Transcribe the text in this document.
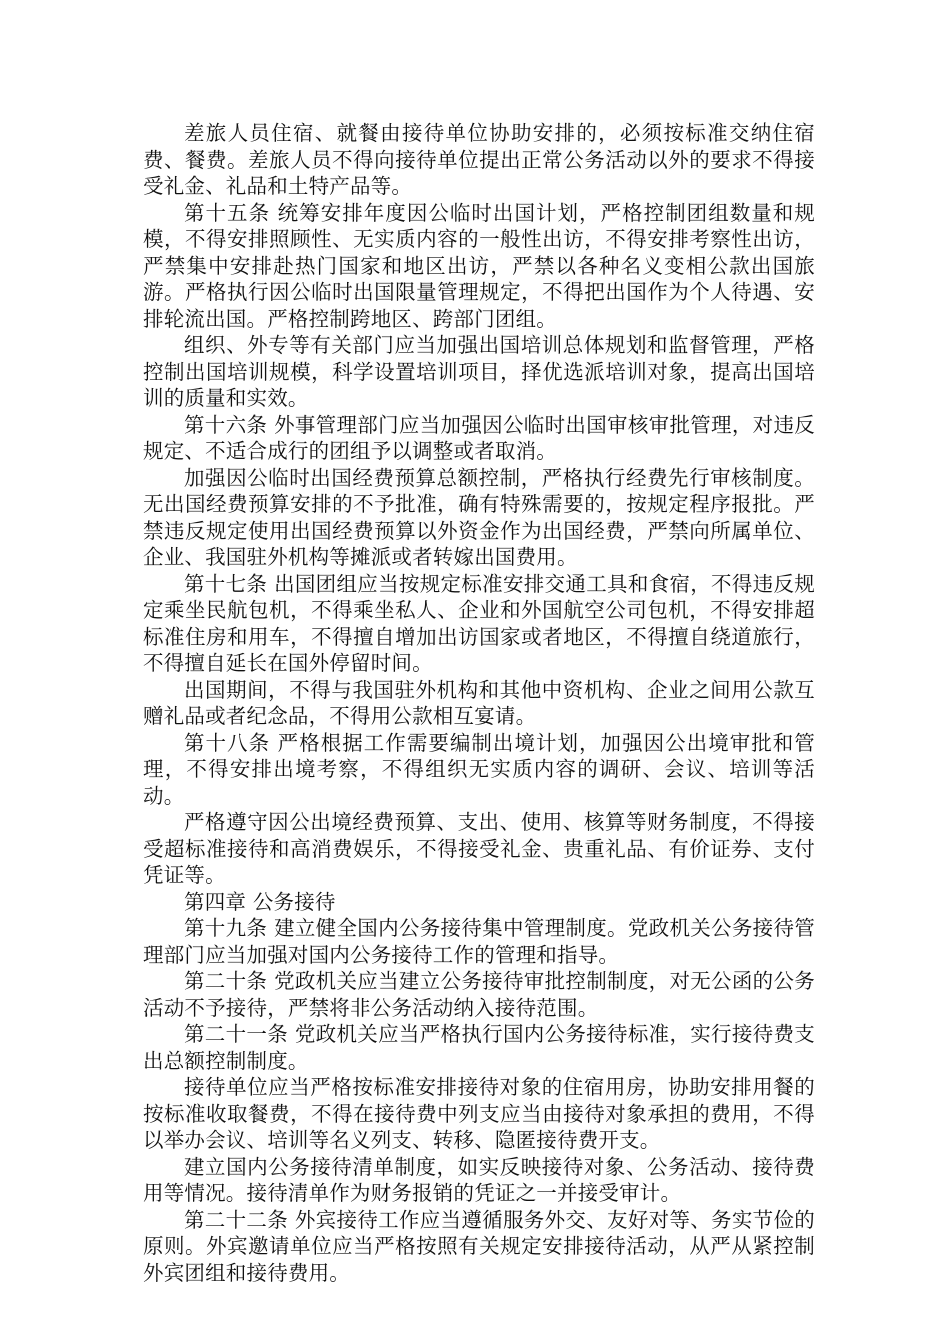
差旅人员住宿、就餐由接待单位协助安排的，必须按标准交纳住宿费、餐费。差旅人员不得向接待单位提出正常公务活动以外的要求不得接受礼金、礼品和土特产品等。

第十五条 统筹安排年度因公临时出国计划，严格控制团组数量和规模，不得安排照顾性、无实质内容的一般性出访，不得安排考察性出访，严禁集中安排赴热门国家和地区出访，严禁以各种名义变相公款出国旅游。严格执行因公临时出国限量管理规定，不得把出国作为个人待遇、安排轮流出国。严格控制跨地区、跨部门团组。

组织、外专等有关部门应当加强出国培训总体规划和监督管理，严格控制出国培训规模，科学设置培训项目，择优选派培训对象，提高出国培训的质量和实效。

第十六条 外事管理部门应当加强因公临时出国审核审批管理，对违反规定、不适合成行的团组予以调整或者取消。

加强因公临时出国经费预算总额控制，严格执行经费先行审核制度。无出国经费预算安排的不予批准，确有特殊需要的，按规定程序报批。严禁违反规定使用出国经费预算以外资金作为出国经费，严禁向所属单位、企业、我国驻外机构等摊派或者转嫁出国费用。

第十七条 出国团组应当按规定标准安排交通工具和食宿，不得违反规定乘坐民航包机，不得乘坐私人、企业和外国航空公司包机，不得安排超标准住房和用车，不得擅自增加出访国家或者地区，不得擅自绕道旅行，不得擅自延长在国外停留时间。

出国期间，不得与我国驻外机构和其他中资机构、企业之间用公款互赠礼品或者纪念品，不得用公款相互宴请。

第十八条 严格根据工作需要编制出境计划，加强因公出境审批和管理，不得安排出境考察，不得组织无实质内容的调研、会议、培训等活动。

严格遵守因公出境经费预算、支出、使用、核算等财务制度，不得接受超标准接待和高消费娱乐，不得接受礼金、贵重礼品、有价证券、支付凭证等。

第四章 公务接待

第十九条 建立健全国内公务接待集中管理制度。党政机关公务接待管理部门应当加强对国内公务接待工作的管理和指导。

第二十条 党政机关应当建立公务接待审批控制制度，对无公函的公务活动不予接待，严禁将非公务活动纳入接待范围。

第二十一条 党政机关应当严格执行国内公务接待标准，实行接待费支出总额控制制度。

接待单位应当严格按标准安排接待对象的住宿用房，协助安排用餐的按标准收取餐费，不得在接待费中列支应当由接待对象承担的费用，不得以举办会议、培训等名义列支、转移、隐匿接待费开支。

建立国内公务接待清单制度，如实反映接待对象、公务活动、接待费用等情况。接待清单作为财务报销的凭证之一并接受审计。

第二十二条 外宾接待工作应当遵循服务外交、友好对等、务实节俭的原则。外宾邀请单位应当严格按照有关规定安排接待活动，从严从紧控制外宾团组和接待费用。
